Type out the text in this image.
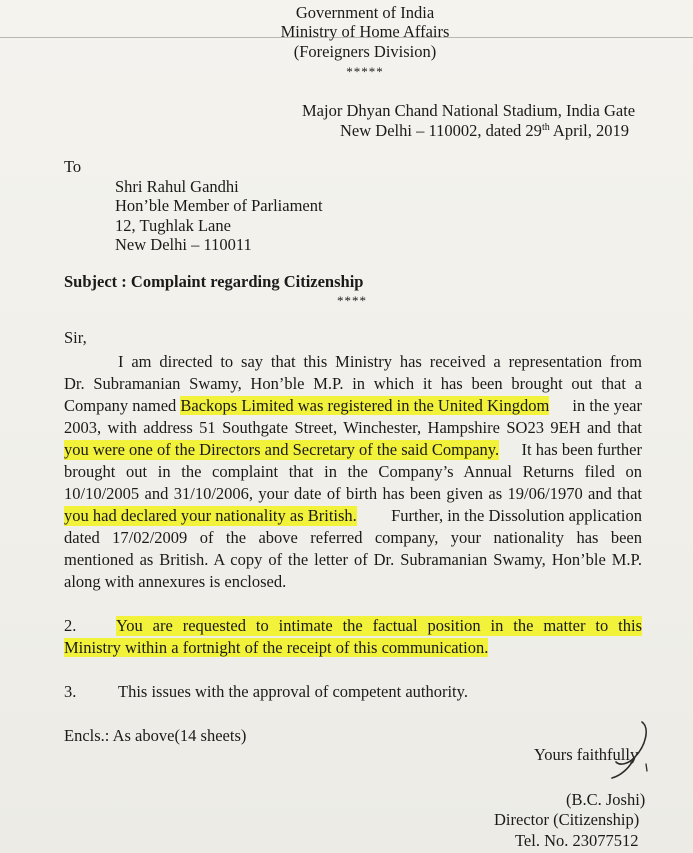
Government of India
Ministry of Home Affairs
(Foreigners Division)
*****
Major Dhyan Chand National Stadium, India Gate
New Delhi – 110002, dated 29th April, 2019
To
Shri Rahul Gandhi
Hon’ble Member of Parliament
12, Tughlak Lane
New Delhi – 110011
Subject : Complaint regarding Citizenship
****
Sir,
I am directed to say that this Ministry has received a representation from
Dr. Subramanian Swamy, Hon’ble M.P. in which it has been brought out that a
Company named Backops Limited was registered in the United Kingdom in the year
2003, with address 51 Southgate Street, Winchester, Hampshire SO23 9EH and that
you were one of the Directors and Secretary of the said Company. It has been further
brought out in the complaint that in the Company’s Annual Returns filed on
10/10/2005 and 31/10/2006, your date of birth has been given as 19/06/1970 and that
you had declared your nationality as British. Further, in the Dissolution application
dated 17/02/2009 of the above referred company, your nationality has been
mentioned as British. A copy of the letter of Dr. Subramanian Swamy, Hon’ble M.P.
along with annexures is enclosed.
2. You are requested to intimate the factual position in the matter to this
Ministry within a fortnight of the receipt of this communication.
3.	This issues with the approval of competent authority.
Encls.: As above(14 sheets)
Yours faithfully
(B.C. Joshi)
Director (Citizenship)
Tel. No. 23077512
